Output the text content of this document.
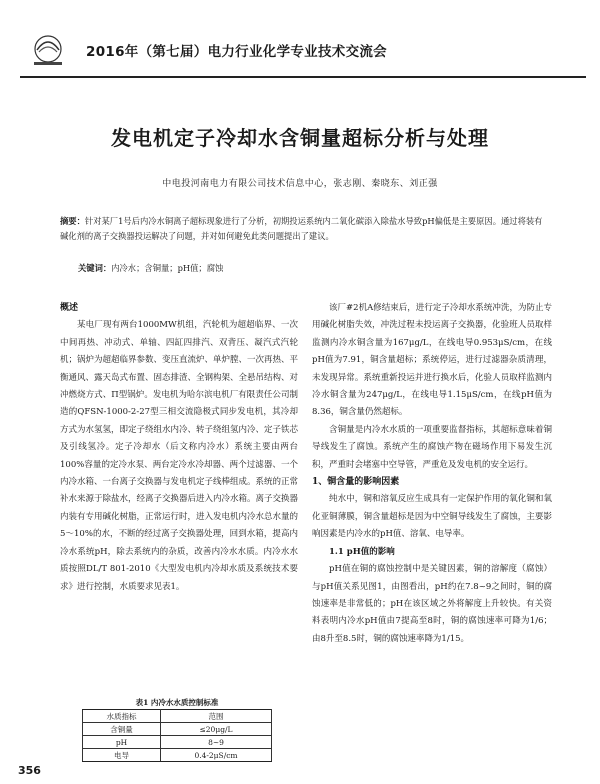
2016年（第七届）电力行业化学专业技术交流会
发电机定子冷却水含铜量超标分析与处理
中电投河南电力有限公司技术信息中心，张志刚、秦晓东、刘正强

摘要：针对某厂1号后内冷水铜离子超标现象进行了分析，初期投运系统内二氧化碳添入除盐水导致pH偏低是主要原因。通过将装有碱化剂的离子交换器投运解决了问题，并对如何避免此类问题提出了建议。

关键词：内冷水；含铜量；pH值；腐蚀

概述

某电厂现有两台1000MW机组，汽轮机为超超临界、一次中间再热、冲动式、单轴、四缸四排汽、双背压、凝汽式汽轮机；锅炉为超超临界参数、变压直流炉、单炉膛、一次再热、平衡通风、露天岛式布置、固态排渣、全钢构架、全悬吊结构、对冲燃烧方式、Π型锅炉。发电机为哈尔滨电机厂有限责任公司制造的QFSN-1000-2-27型三相交流隐极式同步发电机，其冷却方式为水氢氢，即定子绕组水内冷、转子绕组氢内冷、定子铁芯及引线氢冷。定子冷却水（后文称内冷水）系统主要由两台100%容量的定冷水泵、两台定冷水冷却器、两个过滤器、一个内冷水箱、一台离子交换器与发电机定子线棒组成。系统的正常补水来源于除盐水，经离子交换器后进入内冷水箱。离子交换器内装有专用碱化树脂，正常运行时，进入发电机内冷水总水量的5～10%的水，不断的经过离子交换器处理，回到水箱，提高内冷水系统pH，除去系统内的杂质，改善内冷水水质。内冷水水质按照DL/T 801-2010《大型发电机内冷却水质及系统技术要求》进行控制，水质要求见表1。

表1 内冷水水质控制标准
水质指标	范围
含铜量	≤20μg/L
pH	8~9
电导	0.4-2μS/cm

该厂#2机A修结束后，进行定子冷却水系统冲洗，为防止专用碱化树脂失效，冲洗过程未投运离子交换器，化验班人员取样监测内冷水铜含量为167μg/L，在线电导0.953μS/cm，在线pH值为7.91，铜含量超标；系统停运，进行过滤器杂质清理，未发现异常。系统重新投运并进行换水后，化验人员取样监测内冷水铜含量为247μg/L，在线电导1.15μS/cm，在线pH值为8.36，铜含量仍然超标。

含铜量是内冷水水质的一项重要监督指标，其超标意味着铜导线发生了腐蚀。系统产生的腐蚀产物在磁场作用下易发生沉积，严重时会堵塞中空导管，严重危及发电机的安全运行。

1、铜含量的影响因素

纯水中，铜和溶氧反应生成具有一定保护作用的氧化铜和氧化亚铜薄膜，铜含量超标是因为中空铜导线发生了腐蚀，主要影响因素是内冷水的pH值、溶氧、电导率。

1.1 pH值的影响

pH值在铜的腐蚀控制中是关键因素，铜的溶解度（腐蚀）与pH值关系见图1，由图看出，pH约在7.8~9之间时，铜的腐蚀速率是非常低的；pH在该区域之外将解度上升较快。有关资料表明内冷水pH值由7提高至8时，铜的腐蚀速率可降为1/6；由8升至8.5时，铜的腐蚀速率降为1/15。

356
